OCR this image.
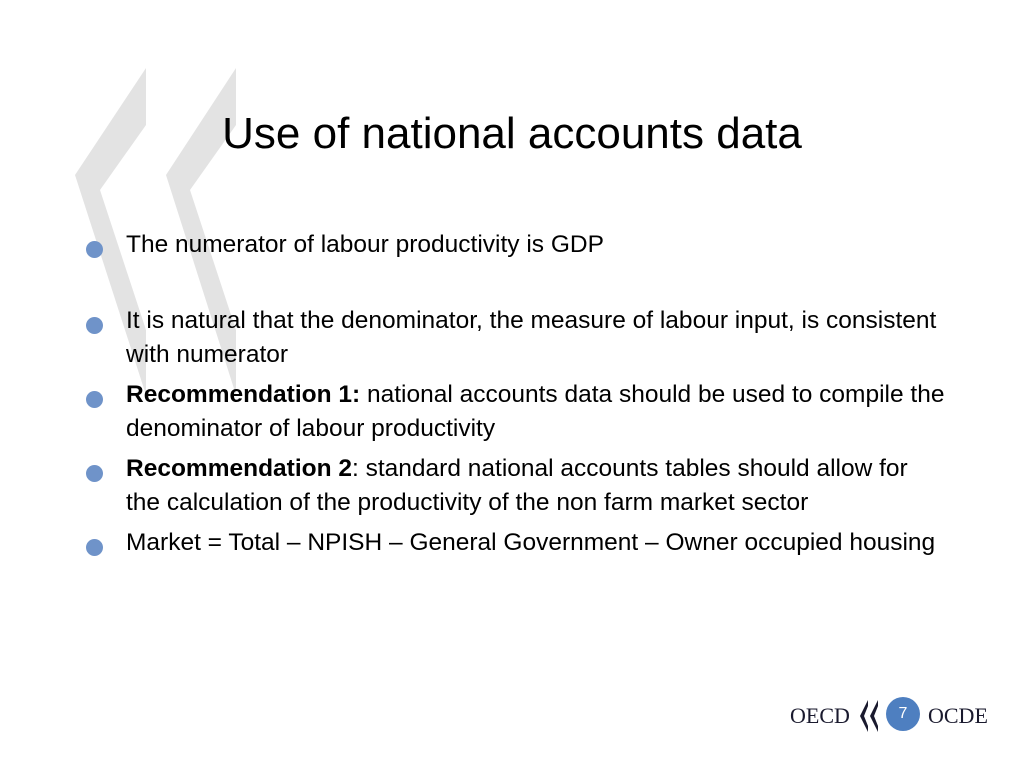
Use of national accounts data
The numerator of labour productivity is GDP
It is natural that the denominator, the measure of labour input, is consistent with numerator
Recommendation 1: national accounts data should be used to compile the denominator of labour productivity
Recommendation 2: standard national accounts tables should allow for the calculation of the productivity of the non farm market sector
Market = Total – NPISH – General Government – Owner occupied housing
OECD	7 OCDE
